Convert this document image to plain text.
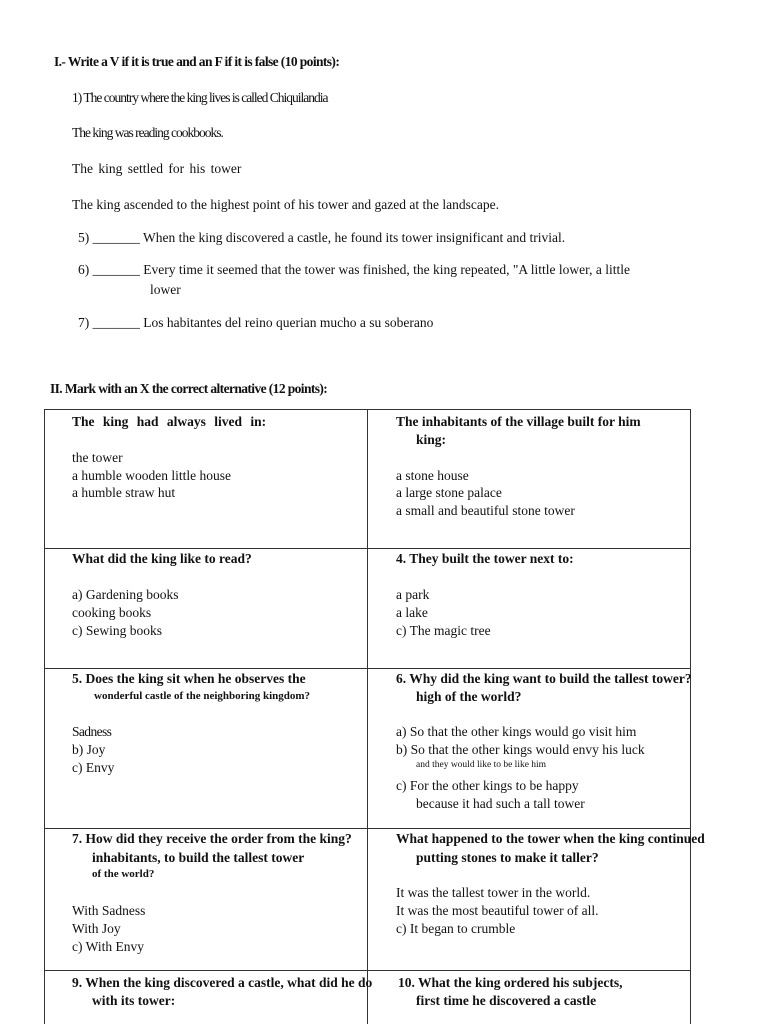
I.- Write a V if it is true and an F if it is false (10 points):
1) The country where the king lives is called Chiquilandia
The king was reading cookbooks.
The king settled for his tower
The king ascended to the highest point of his tower and gazed at the landscape.
5) _______ When the king discovered a castle, he found its tower insignificant and trivial.
6) _______ Every time it seemed that the tower was finished, the king repeated, "A little lower, a little
lower
7) _______ Los habitantes del reino querian mucho a su soberano
II. Mark with an X the correct alternative (12 points):
The king had always lived in:
the tower
a humble wooden little house
a humble straw hut
The inhabitants of the village built for him
king:
a stone house
a large stone palace
a small and beautiful stone tower
What did the king like to read?
a) Gardening books
cooking books
c) Sewing books
4. They built the tower next to:
a park
a lake
c) The magic tree
5. Does the king sit when he observes the
wonderful castle of the neighboring kingdom?
Sadness
b) Joy
c) Envy
6. Why did the king want to build the tallest tower?
high of the world?
a) So that the other kings would go visit him
b) So that the other kings would envy his luck
and they would like to be like him
c) For the other kings to be happy
because it had such a tall tower
7. How did they receive the order from the king?
inhabitants, to build the tallest tower
of the world?
With Sadness
With Joy
c) With Envy
What happened to the tower when the king continued
putting stones to make it taller?
It was the tallest tower in the world.
It was the most beautiful tower of all.
c) It began to crumble
9. When the king discovered a castle, what did he do
with its tower:
10. What the king ordered his subjects,
first time he discovered a castle
